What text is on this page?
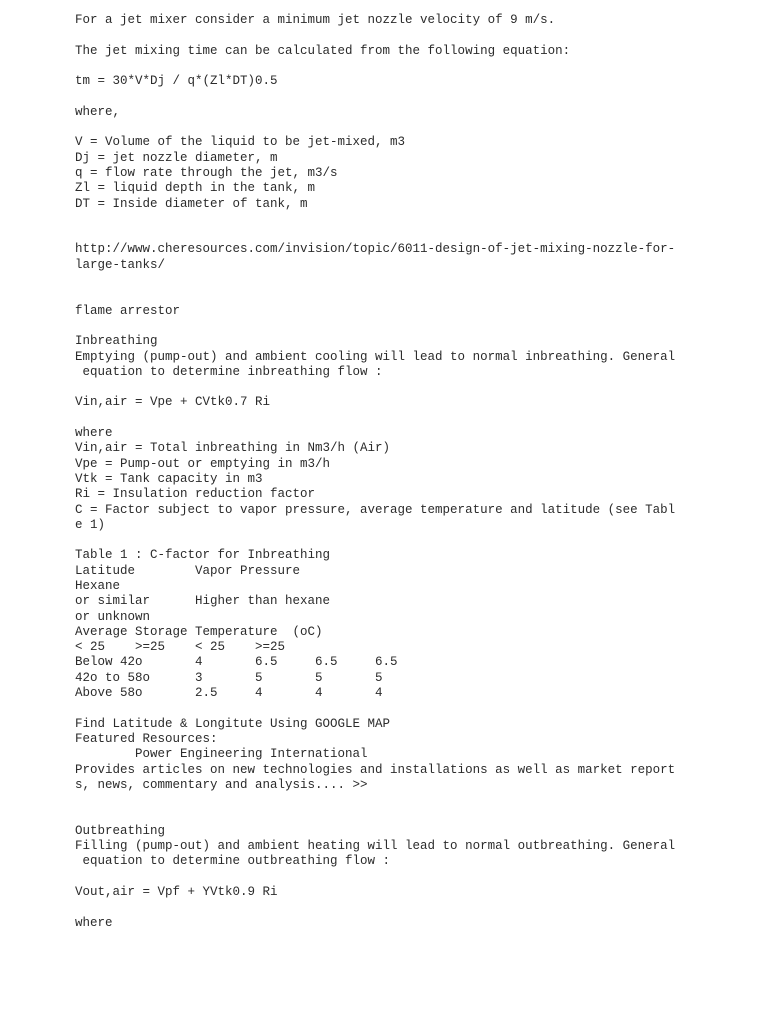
For a jet mixer consider a minimum jet nozzle velocity of 9 m/s.
The jet mixing time can be calculated from the following equation:
tm = 30*V*Dj / q*(Zl*DT)0.5
where,
V = Volume of the liquid to be jet-mixed, m3
Dj = jet nozzle diameter, m
q = flow rate through the jet, m3/s
Zl = liquid depth in the tank, m
DT = Inside diameter of tank, m
http://www.cheresources.com/invision/topic/6011-design-of-jet-mixing-nozzle-for-
large-tanks/
flame arrestor
Inbreathing
Emptying (pump-out) and ambient cooling will lead to normal inbreathing. General
equation to determine inbreathing flow :
Vin,air = Vpe + CVtk0.7 Ri
where
Vin,air = Total inbreathing in Nm3/h (Air)
Vpe = Pump-out or emptying in m3/h
Vtk = Tank capacity in m3
Ri = Insulation reduction factor
C = Factor subject to vapor pressure, average temperature and latitude (see Tabl
e 1)
Table 1 : C-factor for Inbreathing
Latitude        Vapor Pressure
Hexane
or similar      Higher than hexane
or unknown
Average Storage Temperature  (oC)
< 25    >=25    < 25    >=25
Below 42o       4       6.5     6.5     6.5
42o to 58o      3       5       5       5
Above 58o       2.5     4       4       4
Find Latitude & Longitute Using GOOGLE MAP
Featured Resources:
Power Engineering International
Provides articles on new technologies and installations as well as market report
s, news, commentary and analysis.... >>
Outbreathing
Filling (pump-out) and ambient heating will lead to normal outbreathing. General
equation to determine outbreathing flow :
Vout,air = Vpf + YVtk0.9 Ri
where
